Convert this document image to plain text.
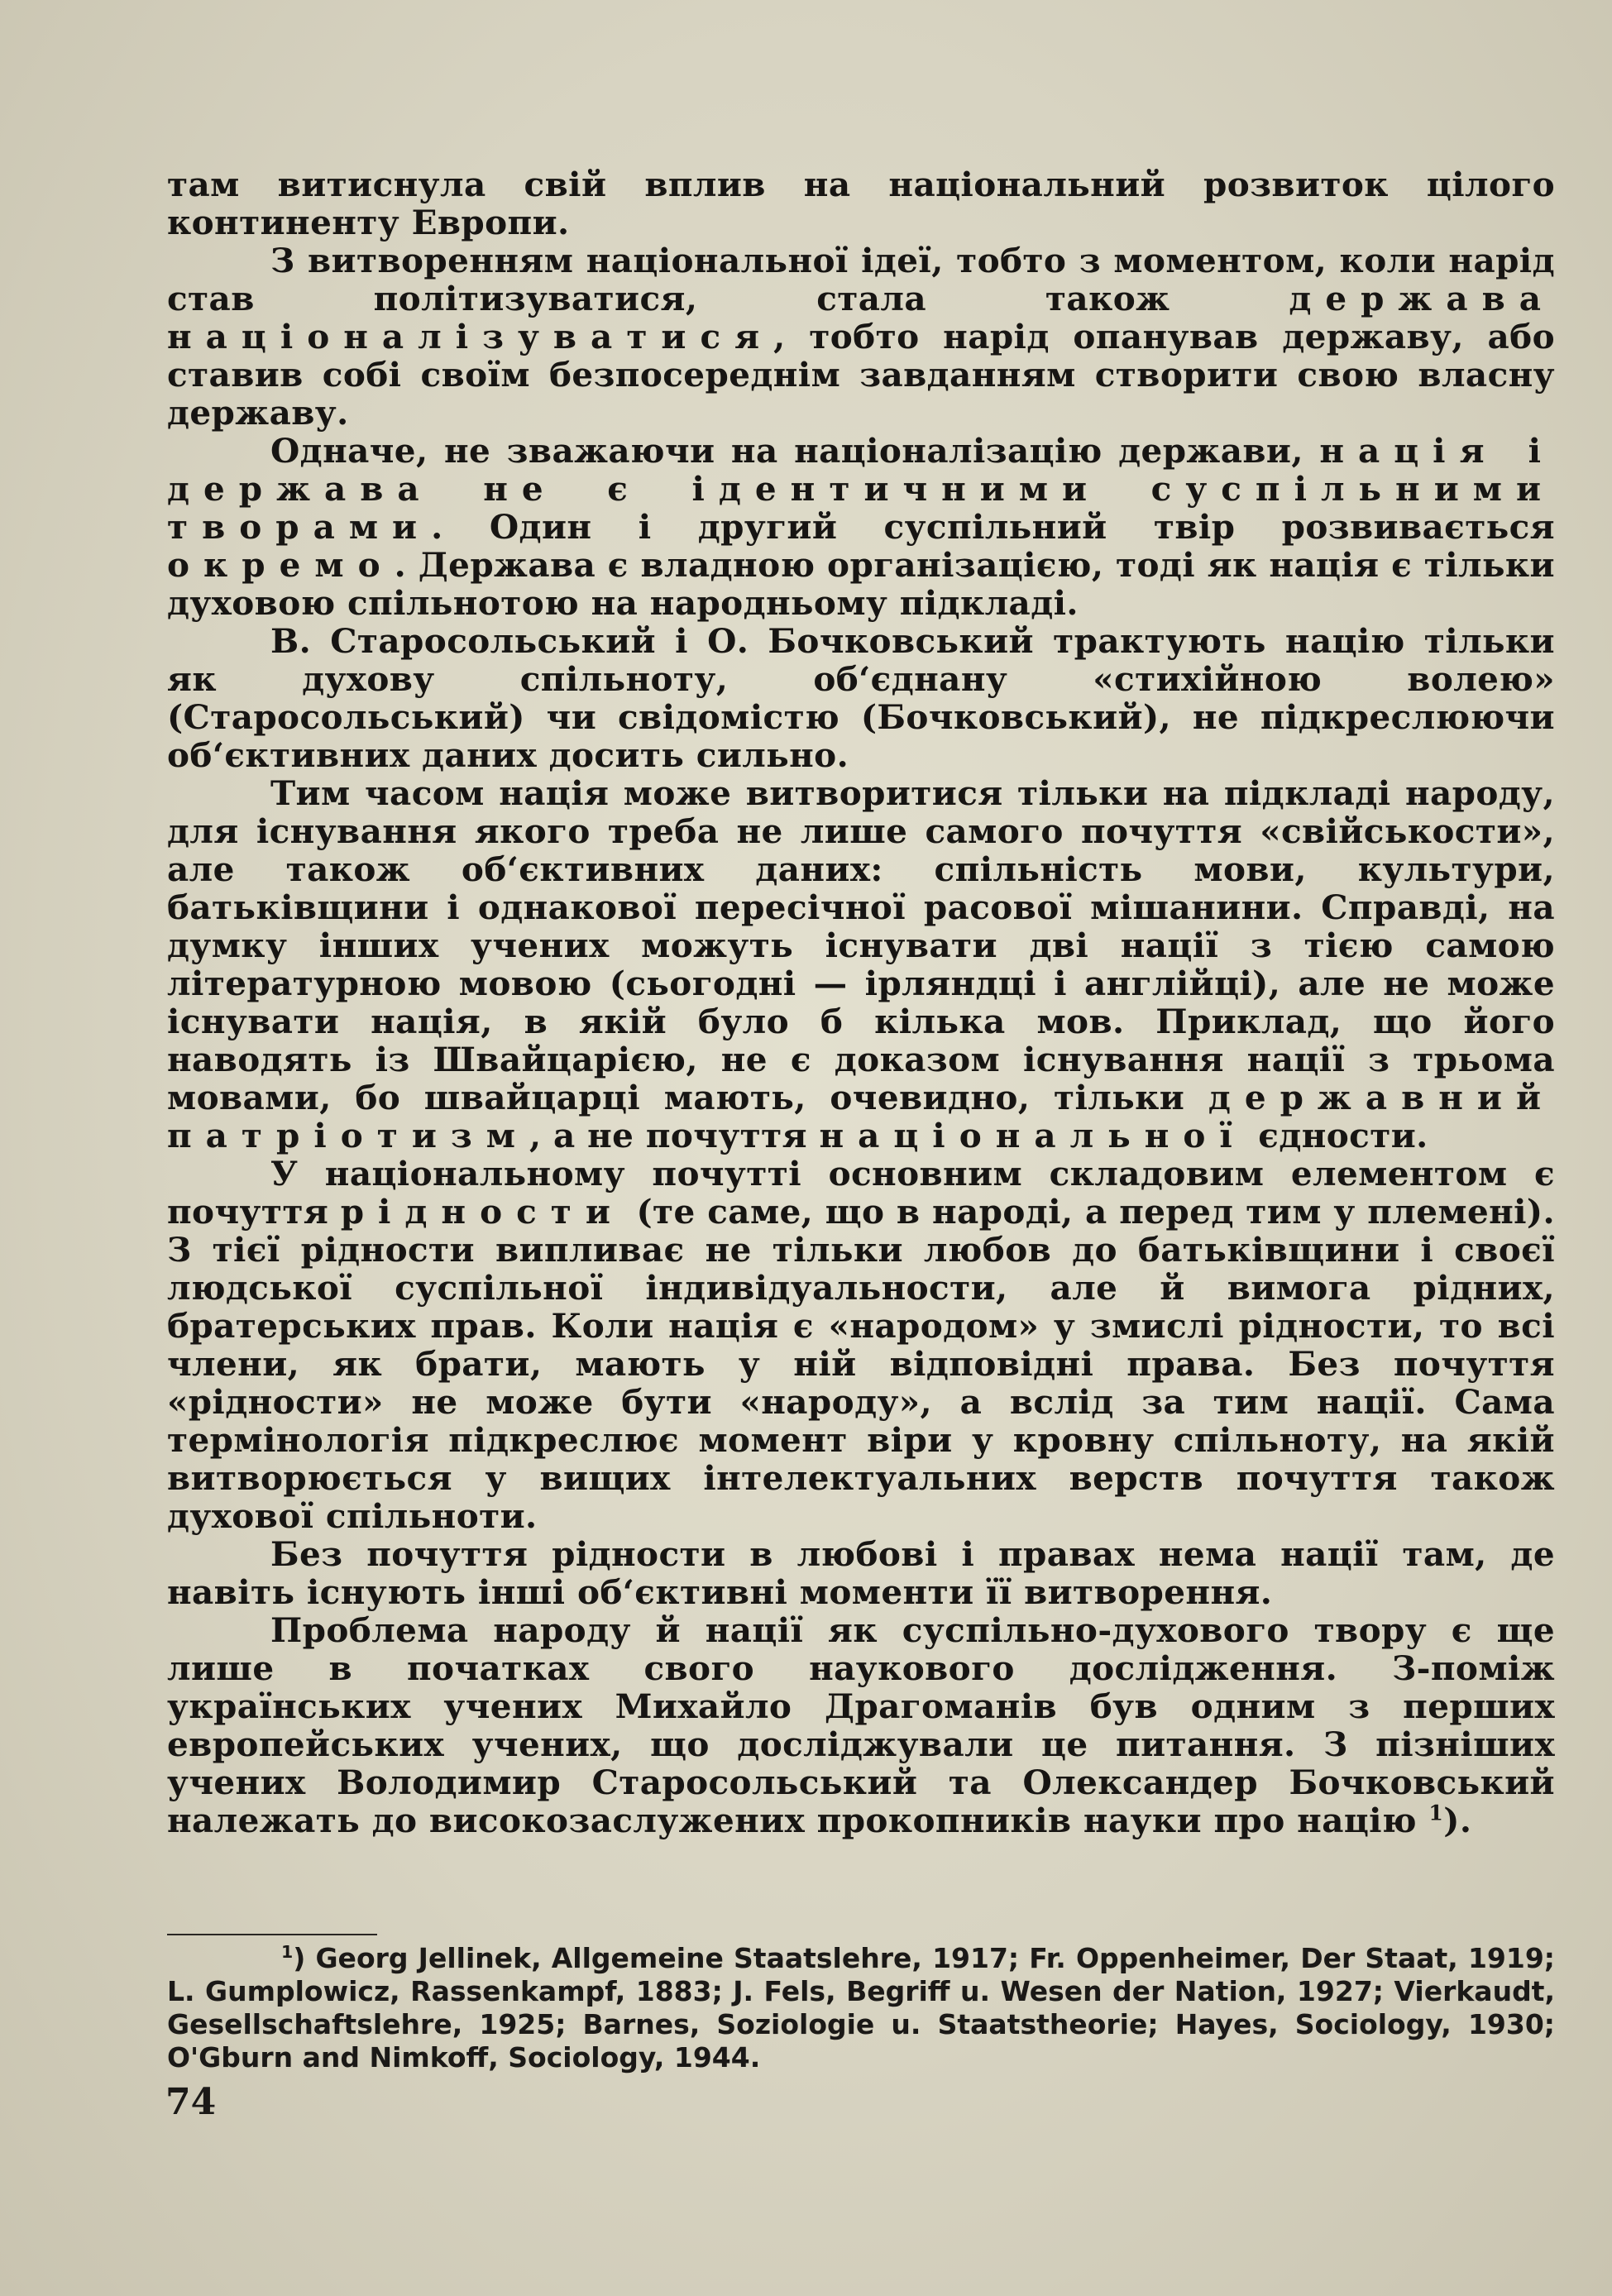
там витиснула свій вплив на національний розвиток цілого континенту Европи.

З витворенням національної ідеї, тобто з моментом, коли нарід став політизуватися, стала також держава націоналізуватися, тобто нарід опанував державу, або ставив собі своїм безпосереднім завданням створити свою власну державу.

Одначе, не зважаючи на націоналізацію держави, нація і держава не є ідентичними суспільними творами. Один і другий суспільний твір розвивається окремо. Держава є владною організацією, тоді як нація є тільки духовою спільнотою на народньому підкладі.

В. Старосольський і О. Бочковський трактують націю тільки як духову спільноту, об‘єднану «стихійною волею» (Старосольський) чи свідомістю (Бочковський), не підкреслюючи об‘єктивних даних досить сильно.

Тим часом нація може витворитися тільки на підкладі народу, для існування якого треба не лише самого почуття «свійськости», але також об‘єктивних даних: спільність мови, культури, батьківщини і однакової пересічної расової мішанини. Справді, на думку інших учених можуть існувати дві нації з тією самою літературною мовою (сьогодні — ірляндці і англійці), але не може існувати нація, в якій було б кілька мов. Приклад, що його наводять із Швайцарією, не є доказом існування нації з трьома мовами, бо швайцарці мають, очевидно, тільки державний патріотизм, а не почуття національної єдности.

У національному почутті основним складовим елементом є почуття рідности (те саме, що в народі, а перед тим у племені). З тієї рідности випливає не тільки любов до батьківщини і своєї людської суспільної індивідуальности, але й вимога рідних, братерських прав. Коли нація є «народом» у змислі рідности, то всі члени, як брати, мають у ній відповідні права. Без почуття «рідности» не може бути «народу», а вслід за тим нації. Сама термінологія підкреслює момент віри у кровну спільноту, на якій витворюється у вищих інтелектуальних верств почуття також духової спільноти.

Без почуття рідности в любові і правах нема нації там, де навіть існують інші об‘єктивні моменти її витворення.

Проблема народу й нації як суспільно-духового твору є ще лише в початках свого наукового дослідження. З-поміж українських учених Михайло Драгоманів був одним з перших европейських учених, що досліджували це питання. З пізніших учених Володимир Старосольський та Олександер Бочковський належать до високозаслужених прокопників науки про націю $^1$).

$^1$) Georg Jellinek, Allgemeine Staatslehre, 1917; Fr. Oppenheimer, Der Staat, 1919; L. Gumplowicz, Rassenkampf, 1883; J. Fels, Begriff u. Wesen der Nation, 1927; Vierkaudt, Gesellschaftslehre, 1925; Barnes, Soziologie u. Staatstheorie; Hayes, Sociology, 1930; O'Gburn and Nimkoff, Sociology, 1944.

74
